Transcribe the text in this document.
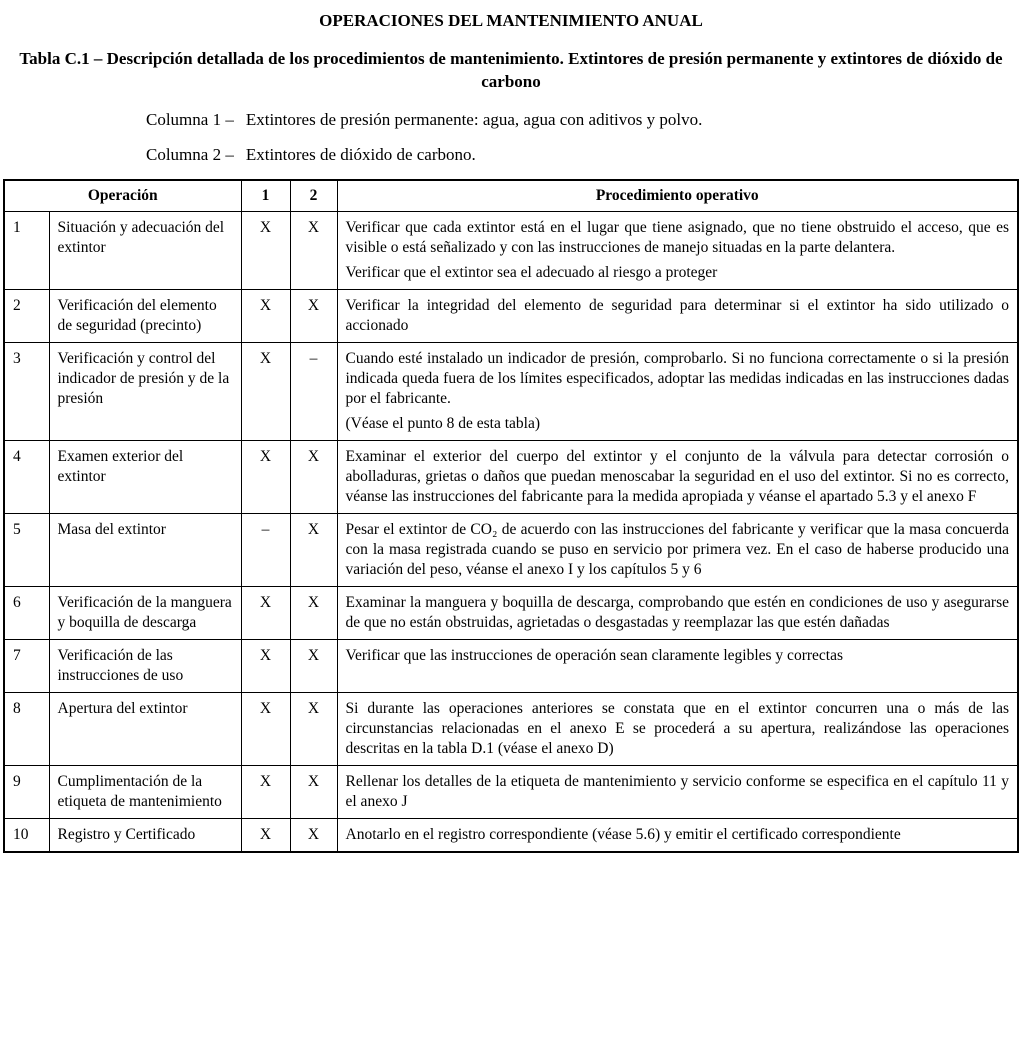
OPERACIONES DEL MANTENIMIENTO ANUAL
Tabla C.1 – Descripción detallada de los procedimientos de mantenimiento. Extintores de presión permanente y extintores de dióxido de carbono
Columna 1 – Extintores de presión permanente: agua, agua con aditivos y polvo.
Columna 2 – Extintores de dióxido de carbono.
Operación		1	2	Procedimiento operativo
1	Situación y adecuación del extintor	X	X	Verificar que cada extintor está en el lugar que tiene asignado, que no tiene obstruido el acceso, que es visible o está señalizado y con las instrucciones de manejo situadas en la parte delantera.

Verificar que el extintor sea el adecuado al riesgo a proteger

2	Verificación del elemento de seguridad (precinto)	X	X	Verificar la integridad del elemento de seguridad para determinar si el extintor ha sido utilizado o accionado

3	Verificación y control del indicador de presión y de la presión	X	–	Cuando esté instalado un indicador de presión, comprobarlo. Si no funciona correctamente o si la presión indicada queda fuera de los límites especificados, adoptar las medidas indicadas en las instrucciones dadas por el fabricante.

(Véase el punto 8 de esta tabla)

4	Examen exterior del extintor	X	X	Examinar el exterior del cuerpo del extintor y el conjunto de la válvula para detectar corrosión o abolladuras, grietas o daños que puedan menoscabar la seguridad en el uso del extintor. Si no es correcto, véanse las instrucciones del fabricante para la medida apropiada y véanse el apartado 5.3 y el anexo F

5	Masa del extintor	–	X	Pesar el extintor de CO₂ de acuerdo con las instrucciones del fabricante y verificar que la masa concuerda con la masa registrada cuando se puso en servicio por primera vez. En el caso de haberse producido una variación del peso, véanse el anexo I y los capítulos 5 y 6

6	Verificación de la manguera y boquilla de descarga	X	X	Examinar la manguera y boquilla de descarga, comprobando que estén en condiciones de uso y asegurarse de que no están obstruidas, agrietadas o desgastadas y reemplazar las que estén dañadas

7	Verificación de las instrucciones de uso	X	X	Verificar que las instrucciones de operación sean claramente legibles y correctas

8	Apertura del extintor	X	X	Si durante las operaciones anteriores se constata que en el extintor concurren una o más de las circunstancias relacionadas en el anexo E se procederá a su apertura, realizándose las operaciones descritas en la tabla D.1 (véase el anexo D)

9	Cumplimentación de la etiqueta de mantenimiento	X	X	Rellenar los detalles de la etiqueta de mantenimiento y servicio conforme se especifica en el capítulo 11 y el anexo J

10	Registro y Certificado	X	X	Anotarlo en el registro correspondiente (véase 5.6) y emitir el certificado correspondiente
